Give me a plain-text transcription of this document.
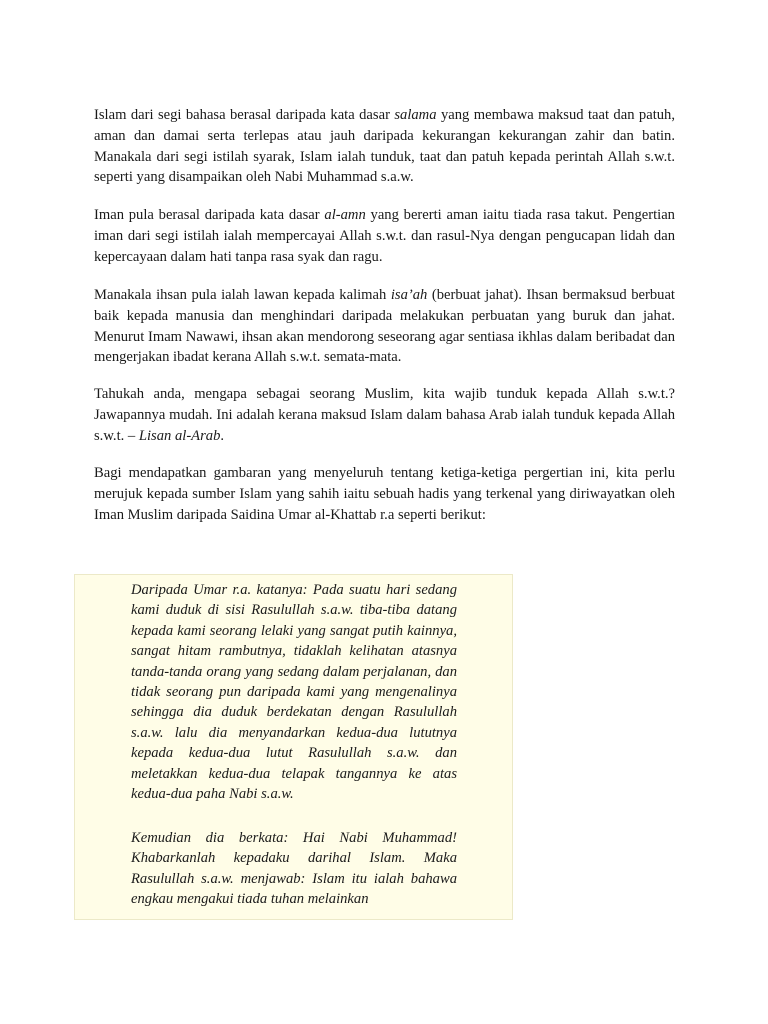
Islam dari segi bahasa berasal daripada kata dasar salama yang membawa maksud taat dan patuh, aman dan damai serta terlepas atau jauh daripada kekurangan kekurangan zahir dan batin. Manakala dari segi istilah syarak, Islam ialah tunduk, taat dan patuh kepada perintah Allah s.w.t. seperti yang disampaikan oleh Nabi Muhammad s.a.w.

Iman pula berasal daripada kata dasar al-amn yang bererti aman iaitu tiada rasa takut. Pengertian iman dari segi istilah ialah mempercayai Allah s.w.t. dan rasul-Nya dengan pengucapan lidah dan kepercayaan dalam hati tanpa rasa syak dan ragu.

Manakala ihsan pula ialah lawan kepada kalimah isa’ah (berbuat jahat). Ihsan bermaksud berbuat baik kepada manusia dan menghindari daripada melakukan perbuatan yang buruk dan jahat. Menurut Imam Nawawi, ihsan akan mendorong seseorang agar sentiasa ikhlas dalam beribadat dan mengerjakan ibadat kerana Allah s.w.t. semata-mata.

Tahukah anda, mengapa sebagai seorang Muslim, kita wajib tunduk kepada Allah s.w.t.? Jawapannya mudah. Ini adalah kerana maksud Islam dalam bahasa Arab ialah tunduk kepada Allah s.w.t. – Lisan al-Arab.

Bagi mendapatkan gambaran yang menyeluruh tentang ketiga-ketiga pergertian ini, kita perlu merujuk kepada sumber Islam yang sahih iaitu sebuah hadis yang terkenal yang diriwayatkan oleh Iman Muslim daripada Saidina Umar al-Khattab r.a seperti berikut:

Daripada Umar r.a. katanya: Pada suatu hari sedang kami duduk di sisi Rasulullah s.a.w. tiba-tiba datang kepada kami seorang lelaki yang sangat putih kainnya, sangat hitam rambutnya, tidaklah kelihatan atasnya tanda-tanda orang yang sedang dalam perjalanan, dan tidak seorang pun daripada kami yang mengenalinya sehingga dia duduk berdekatan dengan Rasulullah s.a.w. lalu dia menyandarkan kedua-dua lututnya kepada kedua-dua lutut Rasulullah s.a.w. dan meletakkan kedua-dua telapak tangannya ke atas kedua-dua paha Nabi s.a.w.

Kemudian dia berkata: Hai Nabi Muhammad! Khabarkanlah kepadaku darihal Islam. Maka Rasulullah s.a.w. menjawab: Islam itu ialah bahawa engkau mengakui tiada tuhan melainkan
